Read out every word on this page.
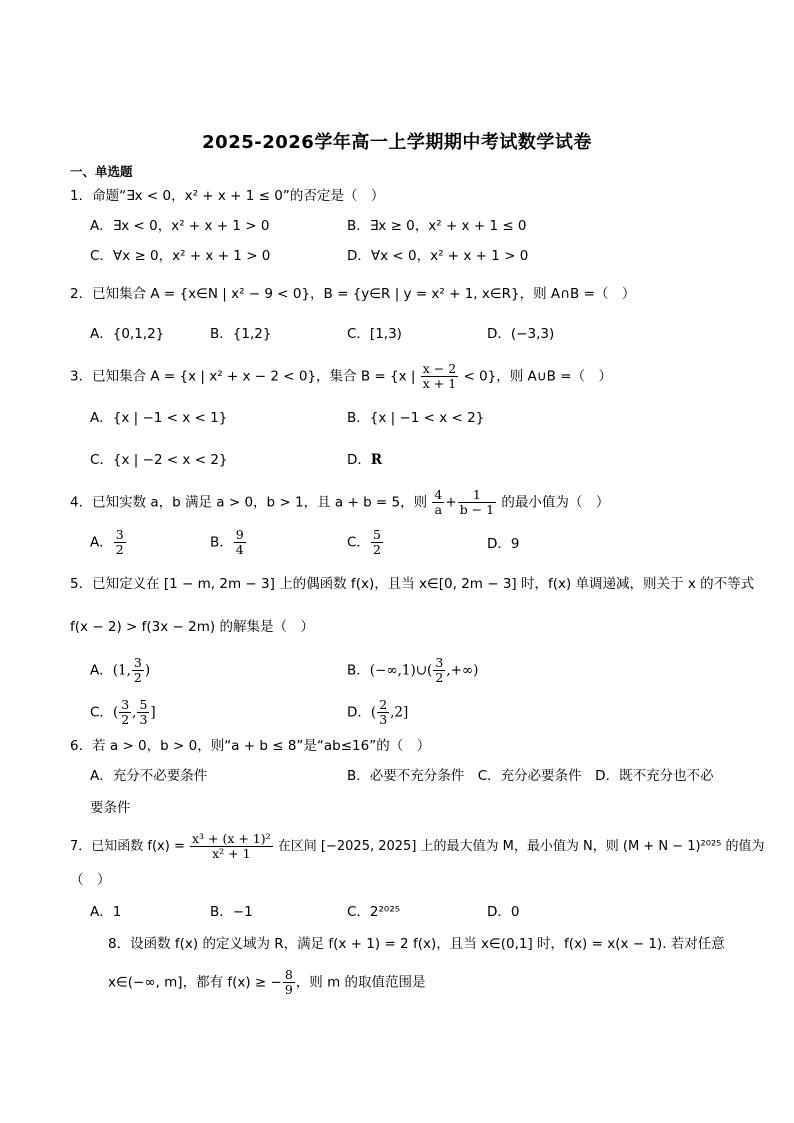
2025-2026学年高一上学期期中考试数学试卷
一、单选题
1．命题“∃x < 0，x² + x + 1 ≤ 0”的否定是（　）
A．∃x < 0，x² + x + 1 > 0	B．∃x ≥ 0，x² + x + 1 ≤ 0
C．∀x ≥ 0，x² + x + 1 > 0	D．∀x < 0，x² + x + 1 > 0
2．已知集合 A = {x∈N | x² − 9 < 0}，B = {y∈R | y = x² + 1, x∈R}，则 A∩B =（　）
A．{0,1,2}	B．{1,2}	C．[1,3)	D．(−3,3)
3．已知集合 A = {x | x² + x − 2 < 0}，集合 B = {x | $\frac{x - 2}{x + 1} < 0$}，则 A∪B =（　）
A．{x | −1 < x < 1}	B．{x | −1 < x < 2}
C．{x | −2 < x < 2}	D．R
4．已知实数 a，b 满足 a > 0，b > 1，且 a + b = 5，则 $\frac{4}{a} + \frac{1}{b - 1}$ 的最小值为（　）
A． $\frac{3}{2}$	B． $\frac{9}{4}$	C． $\frac{5}{2}$	D．9
5．已知定义在 [1 − m, 2m − 3] 上的偶函数 f(x)，且当 x∈[0, 2m − 3] 时，f(x) 单调递减，则关于 x 的不等式
f(x − 2) > f(3x − 2m) 的解集是（　）
A．(1, $\frac{3}{2}$ )	B．(−∞,1)∪( $\frac{3}{2}$ ,+∞)
C．( $\frac{3}{2}$ , $\frac{5}{3}$ ]	D．( $\frac{2}{3} ,2$]
6．若 a > 0，b > 0，则“a + b ≤ 8”是“ab≤16”的（　）
A．充分不必要条件	B．必要不充分条件　C．充分必要条件　D．既不充分也不必
要条件
7．已知函数 $f(x) = \frac{\text{x³ + (x + 1)²}}{\text{x² + 1}}$ 在区间 [−2025, 2025] 上的最大值为 M，最小值为 N，则 (M + N − 1)²⁰²⁵ 的值为
（　）
A．1	B．−1	C．2²⁰²⁵	D．0
8．设函数 f(x) 的定义域为 R，满足 f(x + 1) = 2 f(x)，且当 x∈(0,1] 时，f(x) = x(x − 1). 若对任意
x∈(−∞, m]，都有 f(x) ≥ − $\frac{8}{9}$ ，则 m 的取值范围是
